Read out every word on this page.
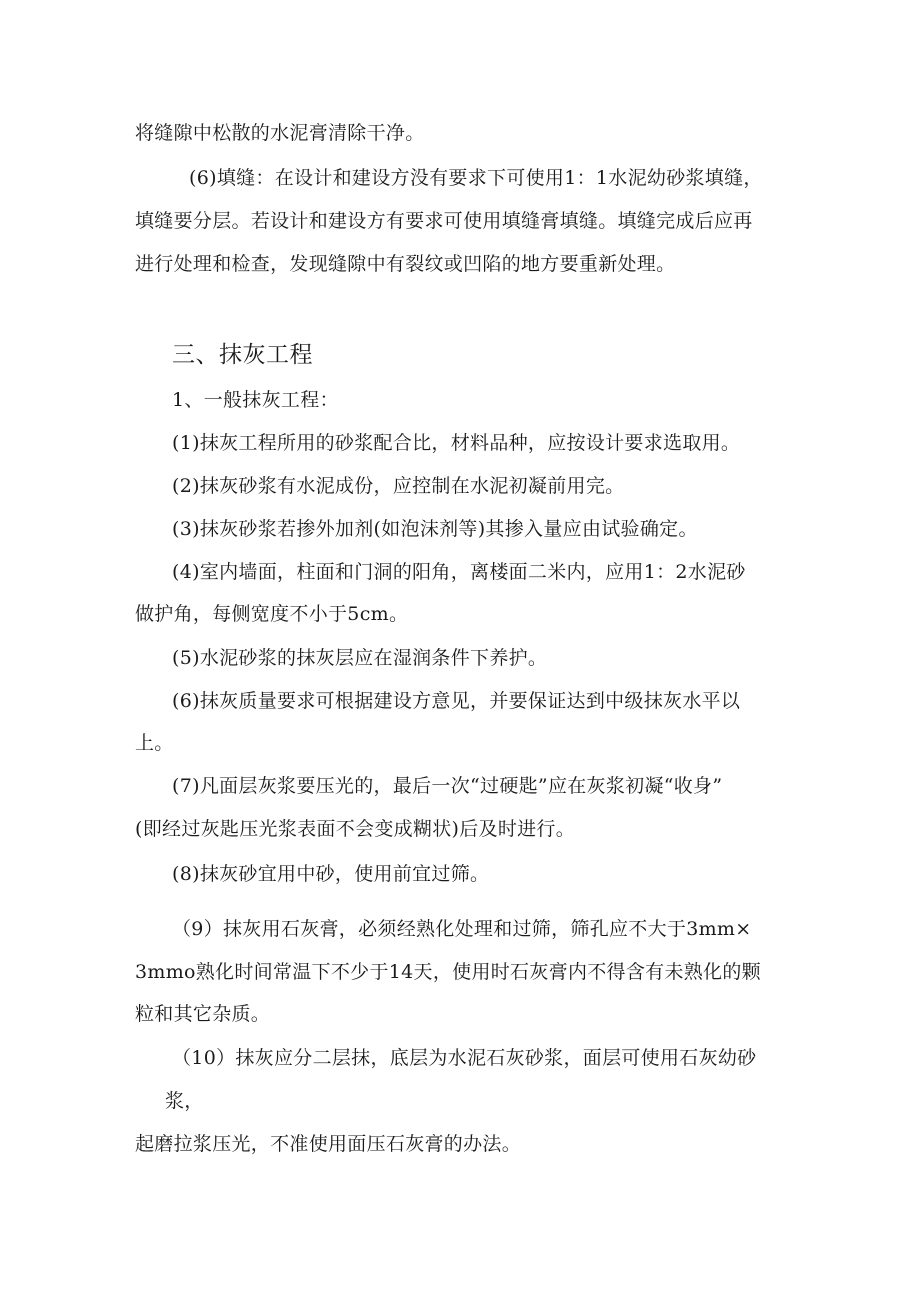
将缝隙中松散的水泥膏清除干净。
(6)填缝：在设计和建设方没有要求下可使用1：1水泥幼砂浆填缝，
填缝要分层。若设计和建设方有要求可使用填缝膏填缝。填缝完成后应再
进行处理和检查，发现缝隙中有裂纹或凹陷的地方要重新处理。
三、抹灰工程
1、一般抹灰工程：
(1)抹灰工程所用的砂浆配合比，材料品种，应按设计要求选取用。
(2)抹灰砂浆有水泥成份，应控制在水泥初凝前用完。
(3)抹灰砂浆若掺外加剂(如泡沫剂等)其掺入量应由试验确定。
(4)室内墙面，柱面和门洞的阳角，离楼面二米内，应用1：2水泥砂
做护角，每侧宽度不小于5cm。
(5)水泥砂浆的抹灰层应在湿润条件下养护。
(6)抹灰质量要求可根据建设方意见，并要保证达到中级抹灰水平以
上。
(7)凡面层灰浆要压光的，最后一次“过硬匙”应在灰浆初凝“收身”
(即经过灰匙压光浆表面不会变成糊状)后及时进行。
(8)抹灰砂宜用中砂，使用前宜过筛。
（9）抹灰用石灰膏，必须经熟化处理和过筛，筛孔应不大于3mm×
3mmo熟化时间常温下不少于14天，使用时石灰膏内不得含有未熟化的颗
粒和其它杂质。
（10）抹灰应分二层抹，底层为水泥石灰砂浆，面层可使用石灰幼砂
浆，
起磨拉浆压光，不准使用面压石灰膏的办法。
